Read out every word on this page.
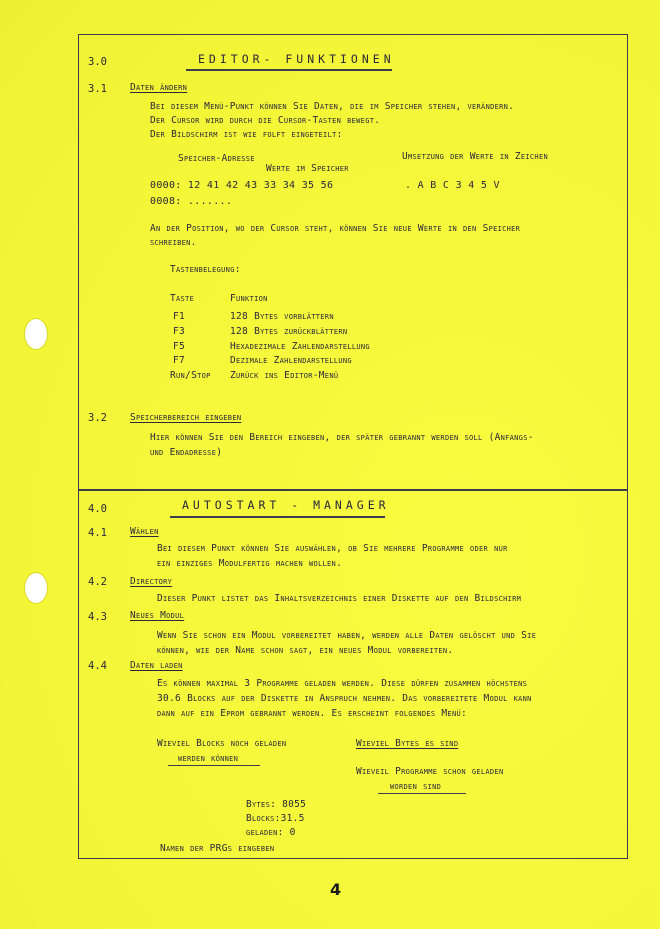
3.0	EDITOR- FUNKTIONEN
3.1 Daten ändern
Bei diesem Menü-Punkt können Sie Daten, die im Speicher stehen, verändern.
Der Cursor wird durch die Cursor-Tasten bewegt.
Der Bildschirm ist wie folft eingeteilt:
Speicher-Adresse
Werte im Speicher
Umsetzung der Werte in Zeichen
0000: 12 41 42 43 33 34 35 56	. A B C 3 4 5 V
0008: .......
An der Position, wo der Cursor steht, können Sie neue Werte in den Speicher
schreiben.
Tastenbelegung:
Taste	Funktion
F1	128 Bytes vorblättern
F3	128 Bytes zurückblättern
F5	Hexadezimale Zahlendarstellung
F7	Dezimale Zahlendarstellung
Run/Stop Zurück ins Editor-Menü
3.2 Speicherbereich eingeben
Hier können Sie den Bereich eingeben, der später gebrannt werden soll (Anfangs-
und Endadresse)
4.0	AUTOSTART - MANAGER
4.1 Wählen
Bei diesem Punkt können Sie auswählen, ob Sie mehrere Programme oder nur
ein einziges Modulfertig machen wollen.
4.2 Directory
Dieser Punkt listet das Inhaltsverzeichnis einer Diskette auf den Bildschirm
4.3 Neues Modul
Wenn Sie schon ein Modul vorbereitet haben, werden alle Daten gelöscht und Sie
können, wie der Name schon sagt, ein neues Modul vorbereiten.
4.4 Daten laden
Es können maximal 3 Programme geladen werden. Diese dürfen zusammen höchstens
30.6 Blocks auf der Diskette in Anspruch nehmen. Das vorbereitete Modul kann
dann auf ein Eprom gebrannt werden. Es erscheint folgendes Menü:
Wieviel Blocks noch geladen
werden können
Wieviel Bytes es sind
Wieveil Programme schon geladen
worden sind
Bytes: 8055
Blocks:31.5
geladen: 0
Namen der PRGs eingeben
4
